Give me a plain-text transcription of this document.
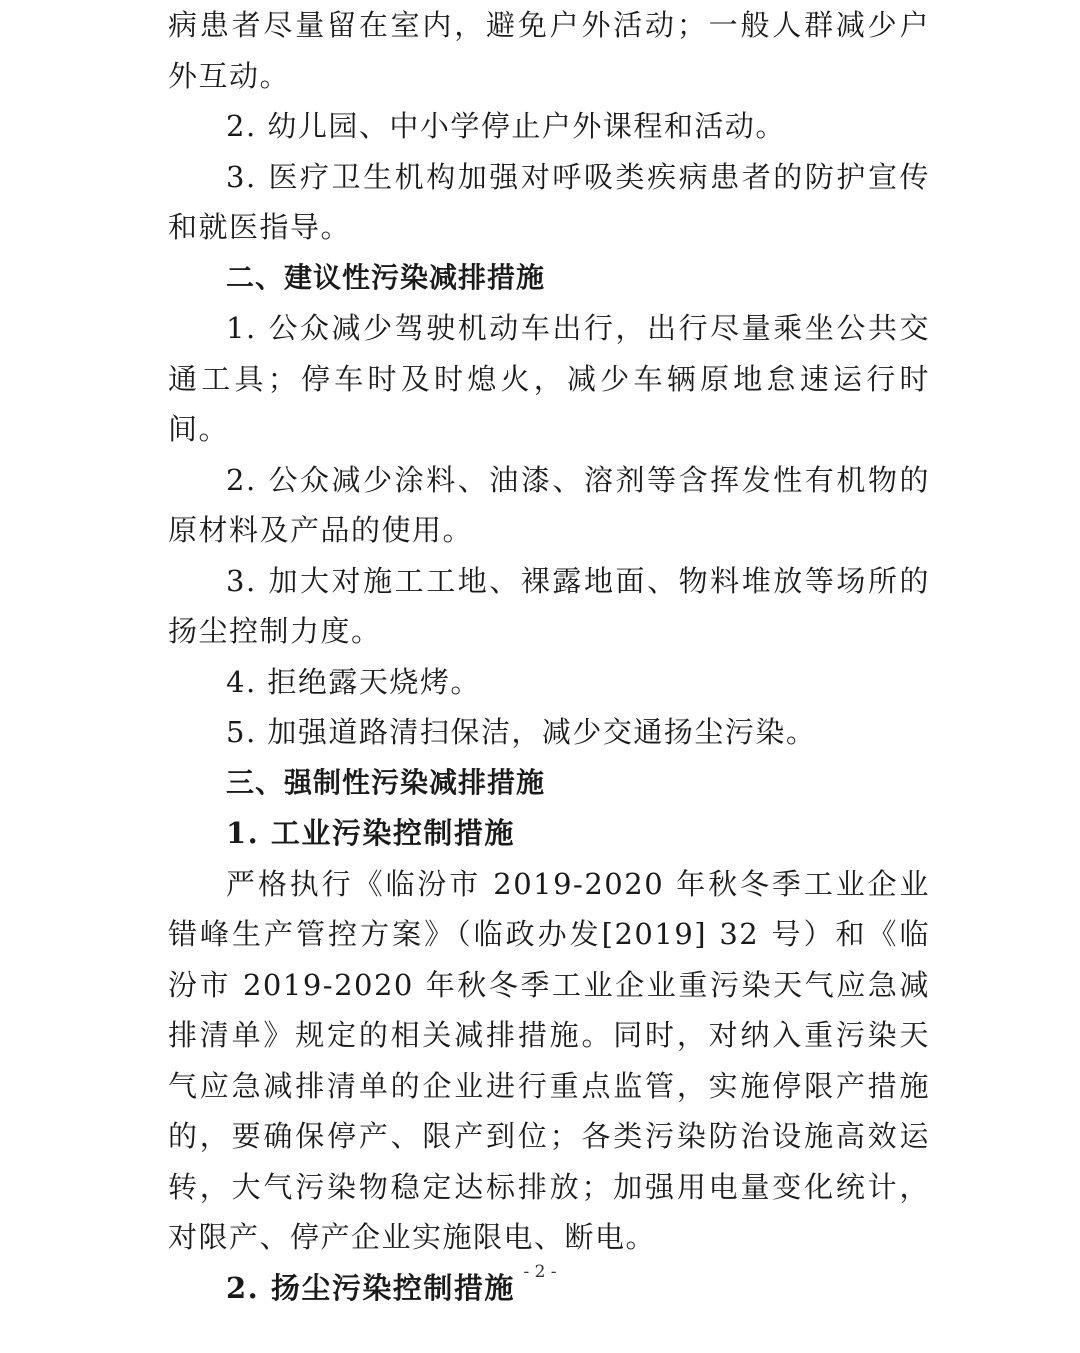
病患者尽量留在室内，避免户外活动；一般人群减少户外互动。

2. 幼儿园、中小学停止户外课程和活动。

3. 医疗卫生机构加强对呼吸类疾病患者的防护宣传和就医指导。

二、建议性污染减排措施

1. 公众减少驾驶机动车出行，出行尽量乘坐公共交通工具；停车时及时熄火，减少车辆原地怠速运行时间。

2. 公众减少涂料、油漆、溶剂等含挥发性有机物的原材料及产品的使用。

3. 加大对施工工地、裸露地面、物料堆放等场所的扬尘控制力度。

4. 拒绝露天烧烤。

5. 加强道路清扫保洁，减少交通扬尘污染。

三、强制性污染减排措施

1. 工业污染控制措施

严格执行《临汾市 2019-2020 年秋冬季工业企业错峰生产管控方案》（临政办发[2019] 32 号）和《临汾市 2019-2020 年秋冬季工业企业重污染天气应急减排清单》规定的相关减排措施。同时，对纳入重污染天气应急减排清单的企业进行重点监管，实施停限产措施的，要确保停产、限产到位；各类污染防治设施高效运转，大气污染物稳定达标排放；加强用电量变化统计，对限产、停产企业实施限电、断电。

2. 扬尘污染控制措施 - 2 -
